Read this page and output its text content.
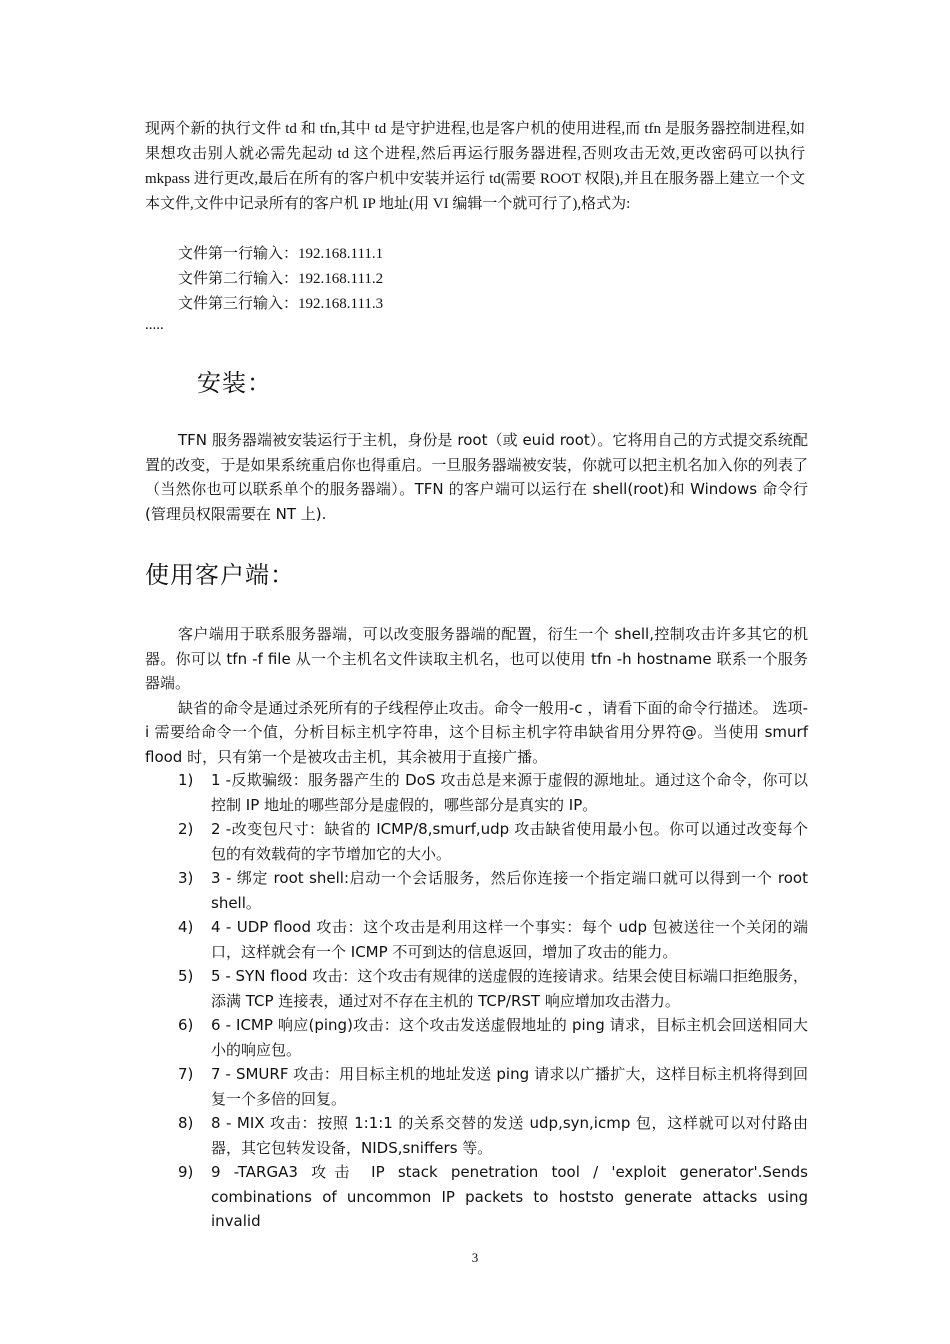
现两个新的执行文件 td 和 tfn,其中 td 是守护进程,也是客户机的使用进程,而 tfn 是服务器控制进程,如果想攻击别人就必需先起动 td 这个进程,然后再运行服务器进程,否则攻击无效,更改密码可以执行 mkpass 进行更改,最后在所有的客户机中安装并运行 td(需要 ROOT 权限),并且在服务器上建立一个文本文件,文件中记录所有的客户机 IP 地址(用 VI 编辑一个就可行了),格式为:

文件第一行输入：192.168.111.1
文件第二行输入：192.168.111.2
文件第三行输入：192.168.111.3
.....
安装：

TFN 服务器端被安装运行于主机，身份是 root（或 euid root）。它将用自己的方式提交系统配置的改变，于是如果系统重启你也得重启。一旦服务器端被安装，你就可以把主机名加入你的列表了（当然你也可以联系单个的服务器端）。TFN 的客户端可以运行在 shell(root)和 Windows 命令行(管理员权限需要在 NT 上).

使用客户端：

客户端用于联系服务器端，可以改变服务器端的配置，衍生一个 shell,控制攻击许多其它的机器。你可以 tfn -f file 从一个主机名文件读取主机名，也可以使用 tfn -h hostname 联系一个服务器端。

缺省的命令是通过杀死所有的子线程停止攻击。命令一般用-c ，请看下面的命令行描述。 选项-i 需要给命令一个值，分析目标主机字符串，这个目标主机字符串缺省用分界符@。当使用 smurf flood 时，只有第一个是被攻击主机，其余被用于直接广播。

1) 1 -反欺骗级：服务器产生的 DoS 攻击总是来源于虚假的源地址。通过这个命令，你可以控制 IP 地址的哪些部分是虚假的，哪些部分是真实的 IP。
2) 2 -改变包尺寸：缺省的 ICMP/8,smurf,udp 攻击缺省使用最小包。你可以通过改变每个包的有效载荷的字节增加它的大小。
3) 3 - 绑定 root shell:启动一个会话服务，然后你连接一个指定端口就可以得到一个 root shell。
4) 4 - UDP flood 攻击：这个攻击是利用这样一个事实：每个 udp 包被送往一个关闭的端口，这样就会有一个 ICMP 不可到达的信息返回，增加了攻击的能力。
5) 5 - SYN flood 攻击：这个攻击有规律的送虚假的连接请求。结果会使目标端口拒绝服务，添满 TCP 连接表，通过对不存在主机的 TCP/RST 响应增加攻击潜力。
6) 6 - ICMP 响应(ping)攻击：这个攻击发送虚假地址的 ping 请求，目标主机会回送相同大小的响应包。
7) 7 - SMURF 攻击：用目标主机的地址发送 ping 请求以广播扩大，这样目标主机将得到回复一个多倍的回复。
8) 8 - MIX 攻击：按照 1:1:1 的关系交替的发送 udp,syn,icmp 包，这样就可以对付路由器，其它包转发设备，NIDS,sniffers 等。
9) 9 -TARGA3 攻击 IP stack penetration tool / 'exploit generator'.Sends combinations of uncommon IP packets to hoststo generate attacks using invalid
3
